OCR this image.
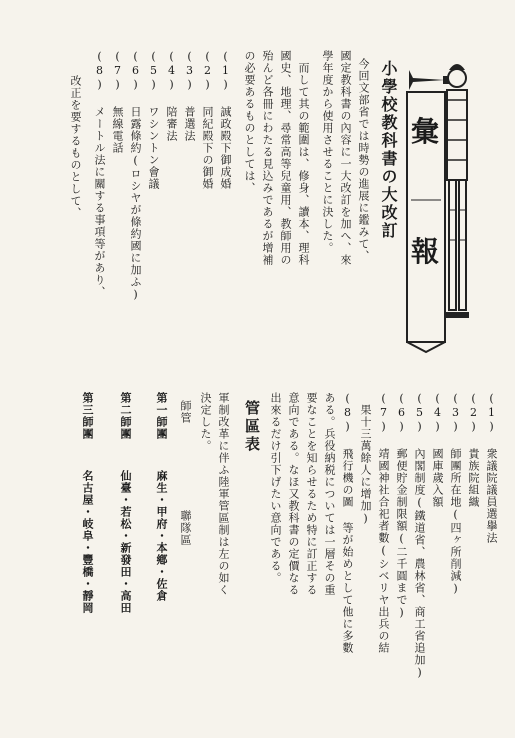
彙
報
小學校教科書の大改訂
今回文部省では時勢の進展に鑑みて、
國定教科書の內容に一大改訂を加へ、來
學年度から使用させることに決した。
而して其の範圍は、修身、讀本、理科
國史、地理、尋常高等兒童用、教師用の
殆んど各冊にわたる見込みであるが增補
の必要あるものとしては、
(1) 誠政殿下御成婚
(2) 同紀殿下の御婚
(3) 普選法
(4) 陪審法
(5) ワシントン會議
(6) 日露條約(ロシヤが條約國に加ふ)
(7) 無線電話
(8) メートル法に關する事項等があり、
改正を要するものとして、
(1) 衆議院議員選擧法
(2) 貴族院組織
(3) 師團所在地(四ヶ所削減)
(4) 國庫歲入額
(5) 內閣制度(鐵道省、農林省、商工省追加)
(6) 郵便貯金制限額(二千圓まで)
(7) 靖國神社合祀者數(シベリヤ出兵の結
　果十三萬餘人に增加)
(8) 飛行機の圖 等が始めとして他に多數
ある。兵役納税については一層その重
要なことを知らせるため特に訂正する
意向である。なほ又教科書の定價なる
出來るだけ引下げたい意向である。
管區表
軍制改革に伴ふ陸軍管區制は左の如く
決定した。
師管
聯隊區
第一師團
麻生・甲府・本鄕・佐倉
第二師團
仙臺・若松・新發田・高田
第三師團
名古屋・岐阜・豐橋・靜岡
